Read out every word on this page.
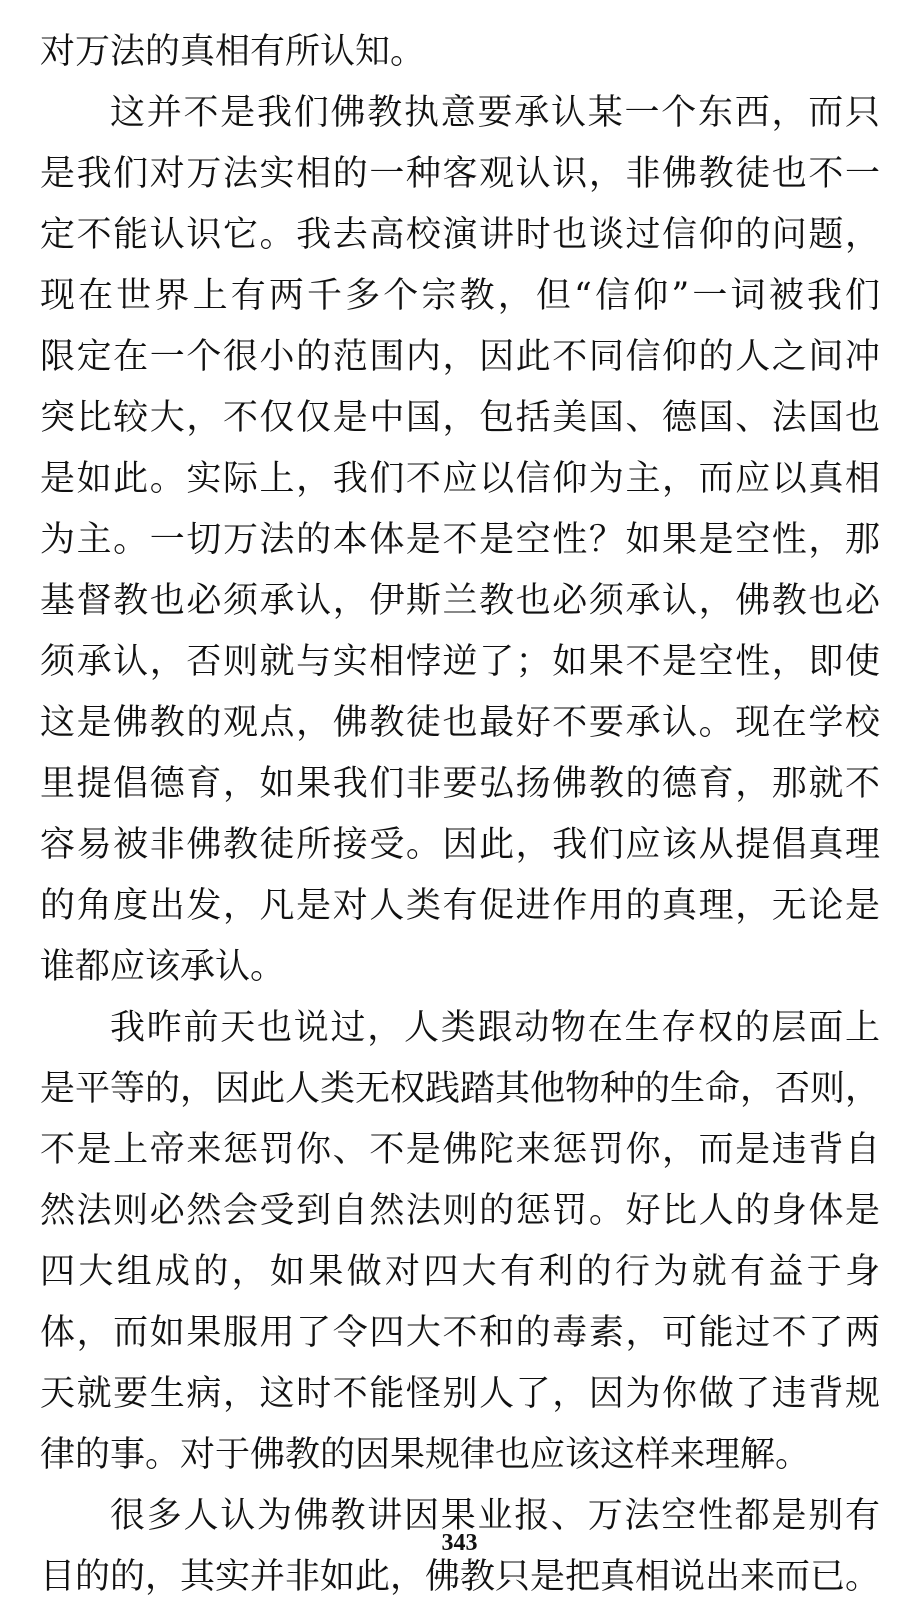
对万法的真相有所认知。
这并不是我们佛教执意要承认某一个东西，而只
是我们对万法实相的一种客观认识，非佛教徒也不一
定不能认识它。我去高校演讲时也谈过信仰的问题，
现在世界上有两千多个宗教，但“信仰”一词被我们
限定在一个很小的范围内，因此不同信仰的人之间冲
突比较大，不仅仅是中国，包括美国、德国、法国也
是如此。实际上，我们不应以信仰为主，而应以真相
为主。一切万法的本体是不是空性？如果是空性，那
基督教也必须承认，伊斯兰教也必须承认，佛教也必
须承认，否则就与实相悖逆了；如果不是空性，即使
这是佛教的观点，佛教徒也最好不要承认。现在学校
里提倡德育，如果我们非要弘扬佛教的德育，那就不
容易被非佛教徒所接受。因此，我们应该从提倡真理
的角度出发，凡是对人类有促进作用的真理，无论是
谁都应该承认。
我昨前天也说过，人类跟动物在生存权的层面上
是平等的，因此人类无权践踏其他物种的生命，否则，
不是上帝来惩罚你、不是佛陀来惩罚你，而是违背自
然法则必然会受到自然法则的惩罚。好比人的身体是
四大组成的，如果做对四大有利的行为就有益于身
体，而如果服用了令四大不和的毒素，可能过不了两
天就要生病，这时不能怪别人了，因为你做了违背规
律的事。对于佛教的因果规律也应该这样来理解。
很多人认为佛教讲因果业报、万法空性都是别有
目的的，其实并非如此，佛教只是把真相说出来而已。
343
